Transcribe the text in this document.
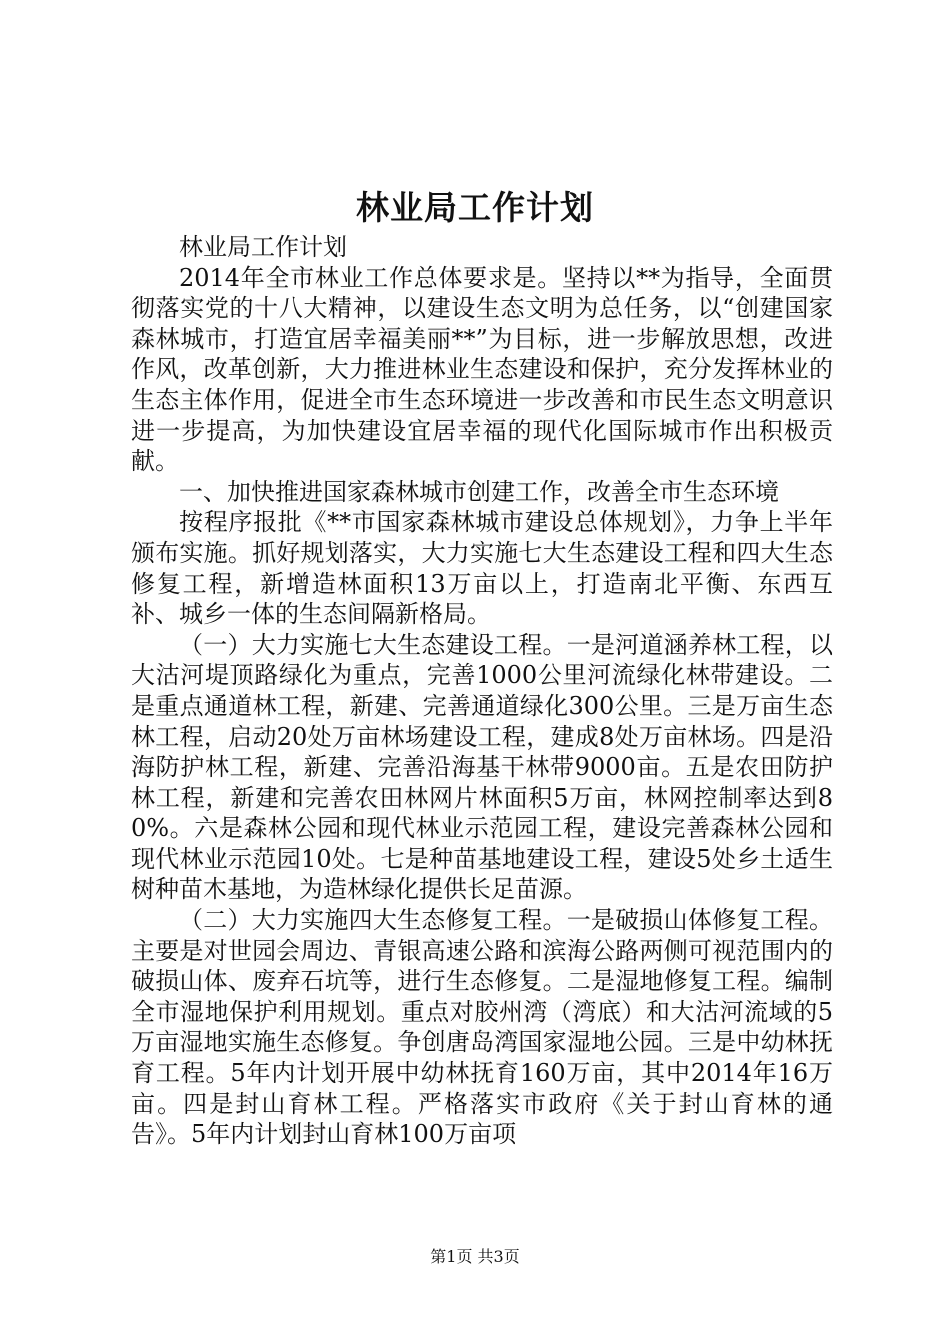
林业局工作计划

林业局工作计划

2014年全市林业工作总体要求是。坚持以**为指导，全面贯彻落实党的十八大精神，以建设生态文明为总任务，以“创建国家森林城市，打造宜居幸福美丽**”为目标，进一步解放思想，改进作风，改革创新，大力推进林业生态建设和保护，充分发挥林业的生态主体作用，促进全市生态环境进一步改善和市民生态文明意识进一步提高，为加快建设宜居幸福的现代化国际城市作出积极贡献。

一、加快推进国家森林城市创建工作，改善全市生态环境

按程序报批《**市国家森林城市建设总体规划》，力争上半年颁布实施。抓好规划落实，大力实施七大生态建设工程和四大生态修复工程，新增造林面积13万亩以上，打造南北平衡、东西互补、城乡一体的生态间隔新格局。

（一）大力实施七大生态建设工程。一是河道涵养林工程，以大沽河堤顶路绿化为重点，完善1000公里河流绿化林带建设。二是重点通道林工程，新建、完善通道绿化300公里。三是万亩生态林工程，启动20处万亩林场建设工程，建成8处万亩林场。四是沿海防护林工程，新建、完善沿海基干林带9000亩。五是农田防护林工程，新建和完善农田林网片林面积5万亩，林网控制率达到80%。六是森林公园和现代林业示范园工程，建设完善森林公园和现代林业示范园10处。七是种苗基地建设工程，建设5处乡土适生树种苗木基地，为造林绿化提供长足苗源。

（二）大力实施四大生态修复工程。一是破损山体修复工程。主要是对世园会周边、青银高速公路和滨海公路两侧可视范围内的破损山体、废弃石坑等，进行生态修复。二是湿地修复工程。编制全市湿地保护利用规划。重点对胶州湾（湾底）和大沽河流域的5万亩湿地实施生态修复。争创唐岛湾国家湿地公园。三是中幼林抚育工程。5年内计划开展中幼林抚育160万亩，其中2014年16万亩。四是封山育林工程。严格落实市政府《关于封山育林的通告》。5年内计划封山育林100万亩项

第1页 共3页
